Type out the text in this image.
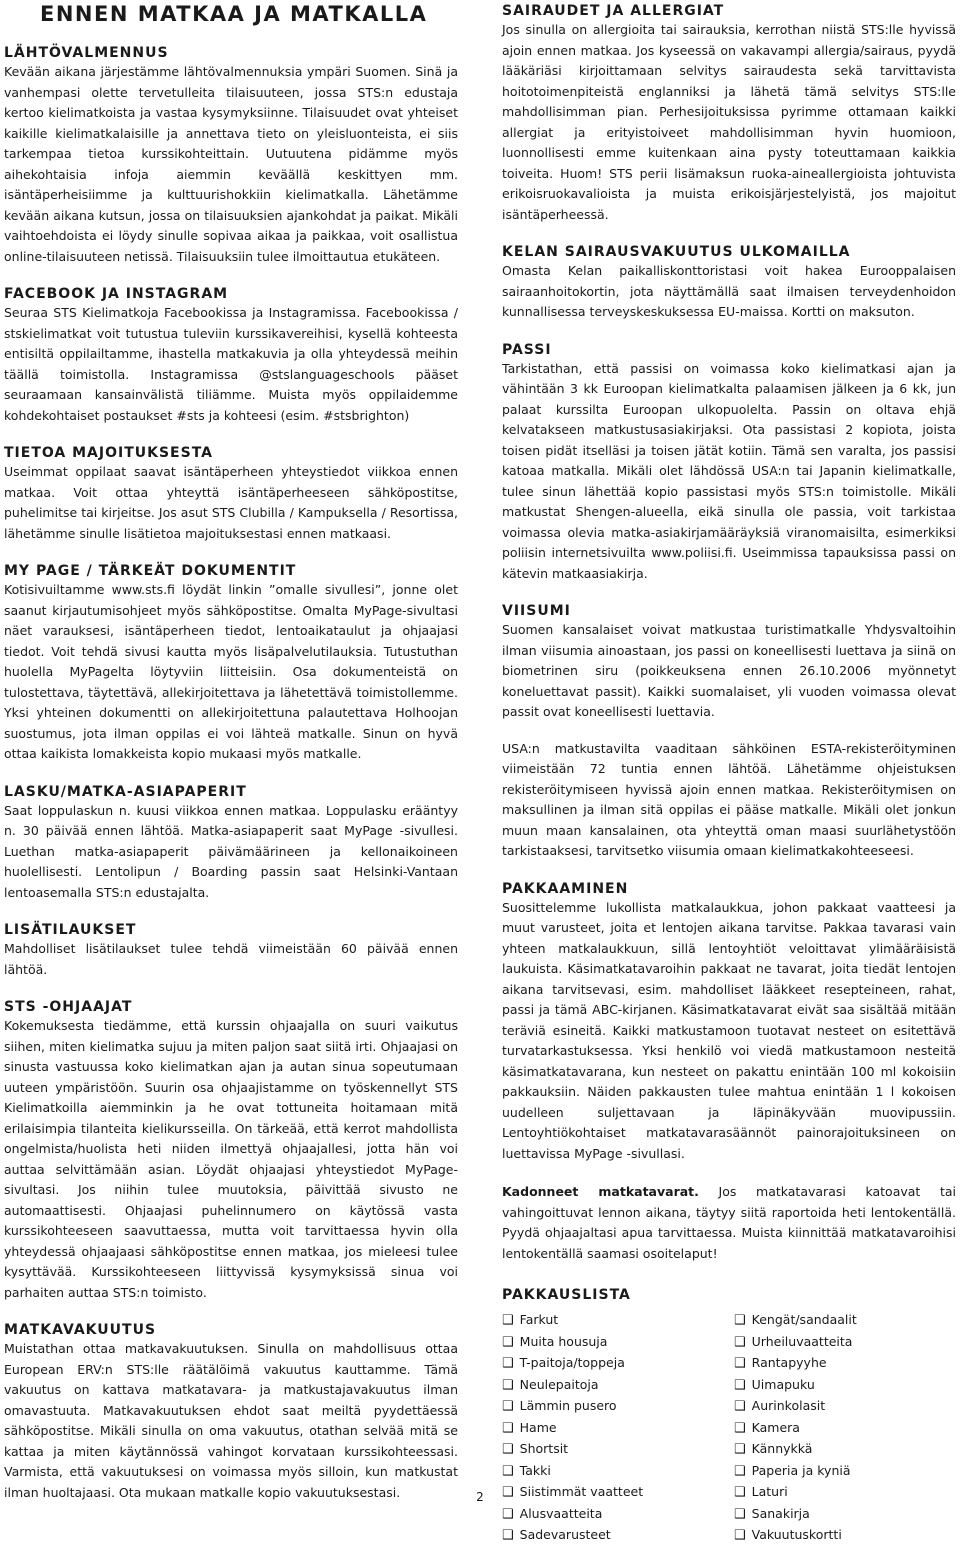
ENNEN MATKAA JA MATKALLA
LÄHTÖVALMENNUS

Kevään aikana järjestämme lähtövalmennuksia ympäri Suomen. Sinä ja vanhempasi olette tervetulleita tilaisuuteen, jossa STS:n edustaja kertoo kielimatkoista ja vastaa kysymyksiinne. Tilaisuudet ovat yhteiset kaikille kielimatkalaisille ja annettava tieto on yleisluonteista, ei siis tarkempaa tietoa kurssikohteittain. Uutuutena pidämme myös aihekohtaisia infoja aiemmin keväällä keskittyen mm. isäntäperheisiimme ja kulttuurishokkiin kielimatkalla. Lähetämme kevään aikana kutsun, jossa on tilaisuuksien ajankohdat ja paikat. Mikäli vaihtoehdoista ei löydy sinulle sopivaa aikaa ja paikkaa, voit osallistua online-tilaisuuteen netissä. Tilaisuuksiin tulee ilmoittautua etukäteen.

FACEBOOK JA INSTAGRAM

Seuraa STS Kielimatkoja Facebookissa ja Instagramissa. Facebookissa / stskielimatkat voit tutustua tuleviin kurssikavereihisi, kysellä kohteesta entisiltä oppilailtamme, ihastella matkakuvia ja olla yhteydessä meihin täällä toimistolla. Instagramissa @stslanguageschools pääset seuraamaan kansainvälistä tiliämme. Muista myös oppilaidemme kohdekohtaiset postaukset #sts ja kohteesi (esim. #stsbrighton)

TIETOA MAJOITUKSESTA

Useimmat oppilaat saavat isäntäperheen yhteystiedot viikkoa ennen matkaa. Voit ottaa yhteyttä isäntäperheeseen sähköpostitse, puhelimitse tai kirjeitse. Jos asut STS Clubilla / Kampuksella / Resortissa, lähetämme sinulle lisätietoa majoituksestasi ennen matkaasi.

MY PAGE / TÄRKEÄT DOKUMENTIT

Kotisivuiltamme www.sts.fi löydät linkin ”omalle sivullesi”, jonne olet saanut kirjautumisohjeet myös sähköpostitse. Omalta MyPage-sivultasi näet varauksesi, isäntäperheen tiedot, lentoaikataulut ja ohjaajasi tiedot. Voit tehdä sivusi kautta myös lisäpalvelutilauksia. Tutustuthan huolella MyPagelta löytyviin liitteisiin. Osa dokumenteistä on tulostettava, täytettävä, allekirjoitettava ja lähetettävä toimistollemme. Yksi yhteinen dokumentti on allekirjoitettuna palautettava Holhoojan suostumus, jota ilman oppilas ei voi lähteä matkalle. Sinun on hyvä ottaa kaikista lomakkeista kopio mukaasi myös matkalle.

LASKU/MATKA-ASIAPAPERIT

Saat loppulaskun n. kuusi viikkoa ennen matkaa. Loppulasku erääntyy n. 30 päivää ennen lähtöä. Matka-asiapaperit saat MyPage -sivullesi. Luethan matka-asiapaperit päivämäärineen ja kellonaikoineen huolellisesti. Lentolipun / Boarding passin saat Helsinki-Vantaan lentoasemalla STS:n edustajalta.

LISÄTILAUKSET

Mahdolliset lisätilaukset tulee tehdä viimeistään 60 päivää ennen lähtöä.

STS -OHJAAJAT

Kokemuksesta tiedämme, että kurssin ohjaajalla on suuri vaikutus siihen, miten kielimatka sujuu ja miten paljon saat siitä irti. Ohjaajasi on sinusta vastuussa koko kielimatkan ajan ja autan sinua sopeutumaan uuteen ympäristöön. Suurin osa ohjaajistamme on työskennellyt STS Kielimatkoilla aiemminkin ja he ovat tottuneita hoitamaan mitä erilaisimpia tilanteita kielikursseilla. On tärkeää, että kerrot mahdollista ongelmista/huolista heti niiden ilmettyä ohjaajallesi, jotta hän voi auttaa selvittämään asian. Löydät ohjaajasi yhteystiedot MyPage-sivultasi. Jos niihin tulee muutoksia, päivittää sivusto ne automaattisesti. Ohjaajasi puhelinnumero on käytössä vasta kurssikohteeseen saavuttaessa, mutta voit tarvittaessa hyvin olla yhteydessä ohjaajaasi sähköpostitse ennen matkaa, jos mieleesi tulee kysyttävää. Kurssikohteeseen liittyvissä kysymyksissä sinua voi parhaiten auttaa STS:n toimisto.

MATKAVAKUUTUS

Muistathan ottaa matkavakuutuksen. Sinulla on mahdollisuus ottaa European ERV:n STS:lle räätälöimä vakuutus kauttamme. Tämä vakuutus on kattava matkatavara- ja matkustajavakuutus ilman omavastuuta. Matkavakuutuksen ehdot saat meiltä pyydettäessä sähköpostitse. Mikäli sinulla on oma vakuutus, otathan selvää mitä se kattaa ja miten käytännössä vahingot korvataan kurssikohteessasi. Varmista, että vakuutuksesi on voimassa myös silloin, kun matkustat ilman huoltajaasi. Ota mukaan matkalle kopio vakuutuksestasi.

SAIRAUDET JA ALLERGIAT

Jos sinulla on allergioita tai sairauksia, kerrothan niistä STS:lle hyvissä ajoin ennen matkaa. Jos kyseessä on vakavampi allergia/sairaus, pyydä lääkäriäsi kirjoittamaan selvitys sairaudesta sekä tarvittavista hoitotoimenpiteistä englanniksi ja lähetä tämä selvitys STS:lle mahdollisimman pian. Perhesijoituksissa pyrimme ottamaan kaikki allergiat ja erityistoiveet mahdollisimman hyvin huomioon, luonnollisesti emme kuitenkaan aina pysty toteuttamaan kaikkia toiveita. Huom! STS perii lisämaksun ruoka-aineallergioista johtuvista erikoisruokavalioista ja muista erikoisjärjestelyistä, jos majoitut isäntäperheessä.

KELAN SAIRAUSVAKUUTUS ULKOMAILLA

Omasta Kelan paikalliskonttoristasi voit hakea Eurooppalaisen sairaanhoitokortin, jota näyttämällä saat ilmaisen terveydenhoidon kunnallisessa terveyskeskuksessa EU-maissa. Kortti on maksuton.

PASSI

Tarkistathan, että passisi on voimassa koko kielimatkasi ajan ja vähintään 3 kk Euroopan kielimatkalta palaamisen jälkeen ja 6 kk, jun palaat kurssilta Euroopan ulkopuolelta. Passin on oltava ehjä kelvatakseen matkustusasiakirjaksi. Ota passistasi 2 kopiota, joista toisen pidät itselläsi ja toisen jätät kotiin. Tämä sen varalta, jos passisi katoaa matkalla. Mikäli olet lähdössä USA:n tai Japanin kielimatkalle, tulee sinun lähettää kopio passistasi myös STS:n toimistolle. Mikäli matkustat Shengen-alueella, eikä sinulla ole passia, voit tarkistaa voimassa olevia matka-asiakirjamääräyksiä viranomaisilta, esimerkiksi poliisin internetsivuilta www.poliisi.fi. Useimmissa tapauksissa passi on kätevin matkaasiakirja.

VIISUMI

Suomen kansalaiset voivat matkustaa turistimatkalle Yhdysvaltoihin ilman viisumia ainoastaan, jos passi on koneellisesti luettava ja siinä on biometrinen siru (poikkeuksena ennen 26.10.2006 myönnetyt koneluettavat passit). Kaikki suomalaiset, yli vuoden voimassa olevat passit ovat koneellisesti luettavia.

USA:n matkustavilta vaaditaan sähköinen ESTA-rekisteröityminen viimeistään 72 tuntia ennen lähtöä. Lähetämme ohjeistuksen rekisteröitymiseen hyvissä ajoin ennen matkaa. Rekisteröitymisen on maksullinen ja ilman sitä oppilas ei pääse matkalle. Mikäli olet jonkun muun maan kansalainen, ota yhteyttä oman maasi suurlähetystöön tarkistaaksesi, tarvitsetko viisumia omaan kielimatkakohteeseesi.

PAKKAAMINEN

Suosittelemme lukollista matkalaukkua, johon pakkaat vaatteesi ja muut varusteet, joita et lentojen aikana tarvitse. Pakkaa tavarasi vain yhteen matkalaukkuun, sillä lentoyhtiöt veloittavat ylimääräisistä laukuista. Käsimatkatavaroihin pakkaat ne tavarat, joita tiedät lentojen aikana tarvitsevasi, esim. mahdolliset lääkkeet resepteineen, rahat, passi ja tämä ABC-kirjanen. Käsimatkatavarat eivät saa sisältää mitään teräviä esineitä. Kaikki matkustamoon tuotavat nesteet on esitettävä turvatarkastuksessa. Yksi henkilö voi viedä matkustamoon nesteitä käsimatkatavarana, kun nesteet on pakattu enintään 100 ml kokoisiin pakkauksiin. Näiden pakkausten tulee mahtua enintään 1 l kokoisen uudelleen suljettavaan ja läpinäkyvään muovipussiin. Lentoyhtiökohtaiset matkatavarasäännöt painorajoituksineen on luettavissa MyPage -sivullasi.

Kadonneet matkatavarat. Jos matkatavarasi katoavat tai vahingoittuvat lennon aikana, täytyy siitä raportoida heti lentokentällä. Pyydä ohjaajaltasi apua tarvittaessa. Muista kiinnittää matkatavaroihisi lentokentällä saamasi osoitelaput!

PAKKAUSLISTA
❑ Farkut
❑ Muita housuja
❑ T-paitoja/toppeja
❑ Neulepaitoja
❑ Lämmin pusero
❑ Hame
❑ Shortsit
❑ Takki
❑ Siistimmät vaatteet
❑ Alusvaatteita
❑ Sadevarusteet
❑ Kengät/sandaalit
❑ Urheiluvaatteita
❑ Rantapyyhe
❑ Uimapuku
❑ Aurinkolasit
❑ Kamera
❑ Kännykkä
❑ Paperia ja kyniä
❑ Laturi
❑ Sanakirja
❑ Vakuutuskortti
2
